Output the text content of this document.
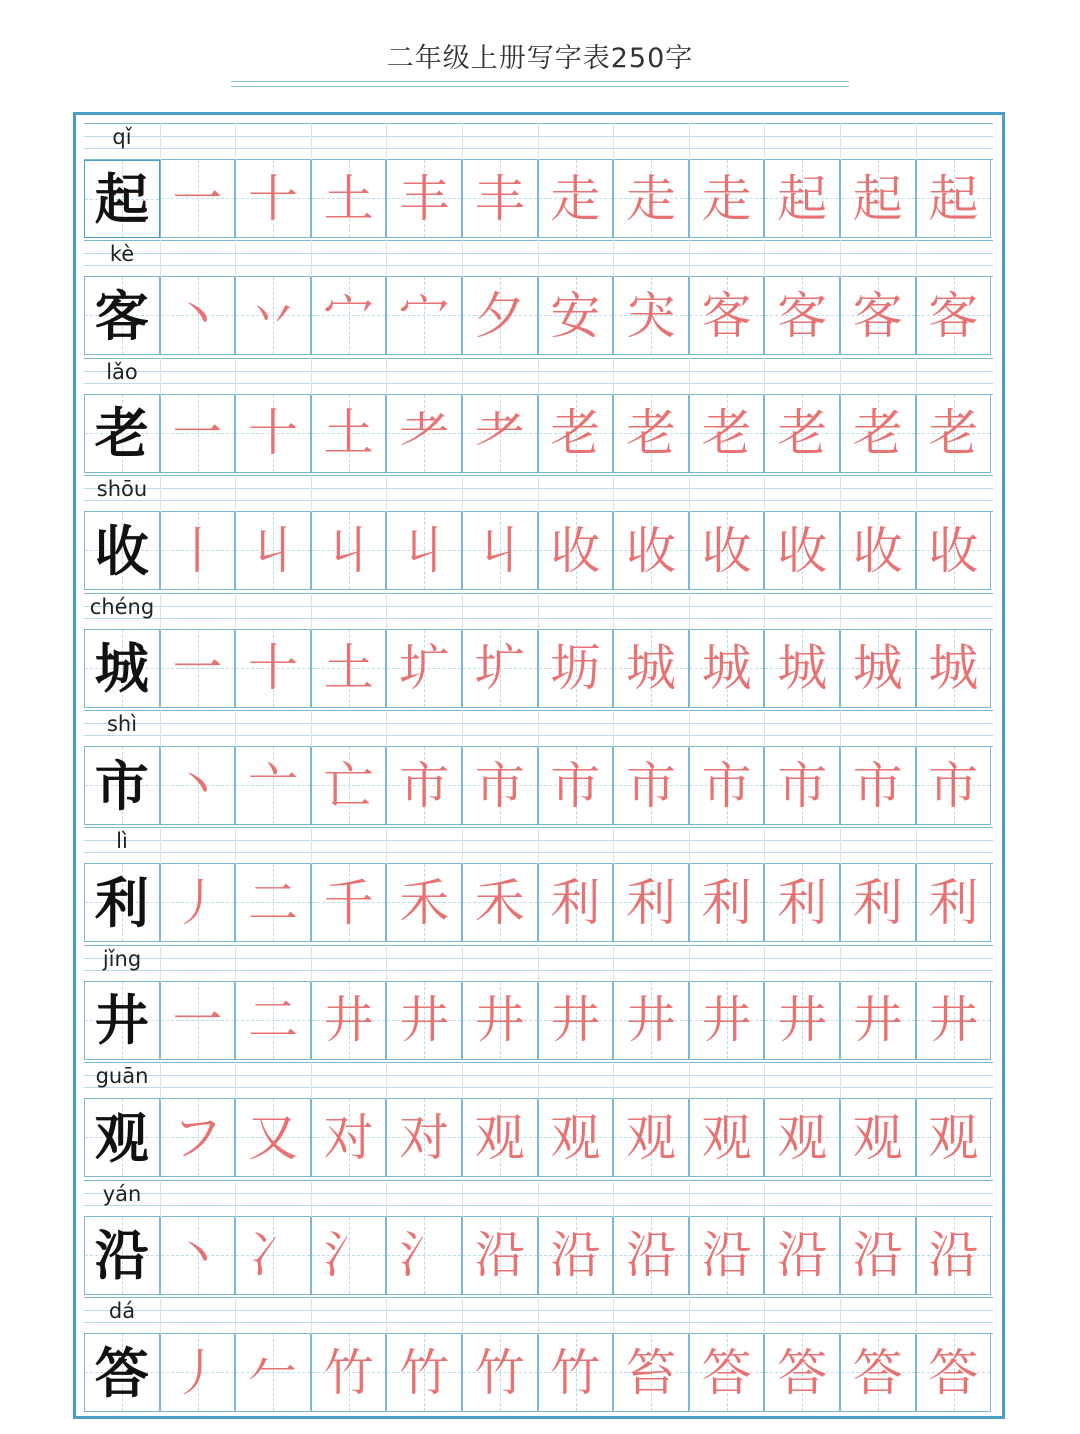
二年级上册写字表250字
qǐ
起 一 十 土 丰 丰 走 走 走 起 起 起
kè
客 丶 丷 宀 宀 夕 安 宊 客 客 客 客
lǎo
老 一 十 土 耂 耂 老 老 老 老 老 老
shōu
收 丨 丩 丩 丩 丩 收 收 收 收 收 收
chéng
城 一 十 土 圹 圹 坜 城 城 城 城 城
shì
市 丶 亠 亡 市 市 市 市 市 市 市 市
lì
利 丿 二 千 禾 禾 利 利 利 利 利 利
jǐng
井 一 二 井 井 井 井 井 井 井 井 井
guān
观 フ 又 对 对 观 观 观 观 观 观 观
yán
沿 丶 冫 氵 氵 沿 沿 沿 沿 沿 沿 沿
dá
答 丿 𠂉 竹 竹 竹 竹 笞 答 答 答 答
